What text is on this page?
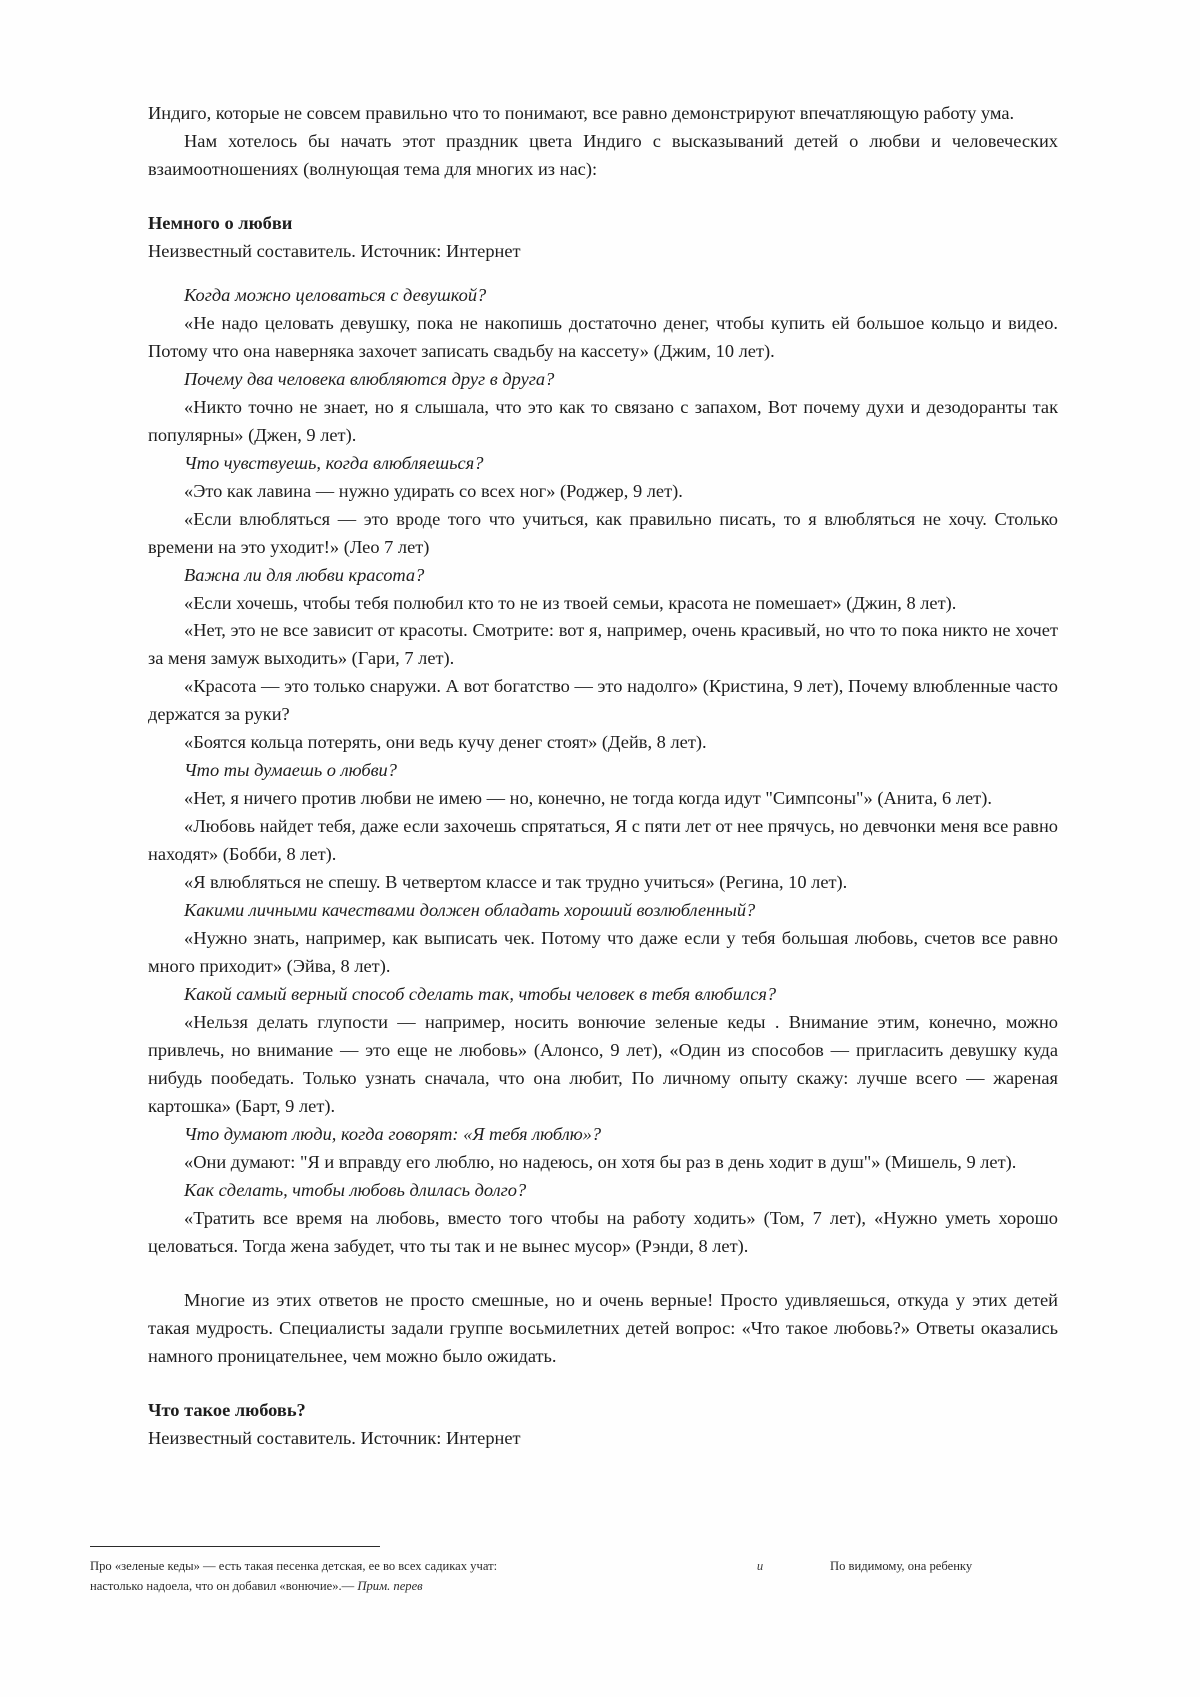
Индиго, которые не совсем правильно что то понимают, все равно демонстрируют впечатляющую работу ума.

Нам хотелось бы начать этот праздник цвета Индиго с высказываний детей о любви и человеческих взаимоотношениях (волнующая тема для многих из нас):

Немного о любви

Неизвестный составитель. Источник: Интернет

Когда можно целоваться с девушкой?

«Не надо целовать девушку, пока не накопишь достаточно денег, чтобы купить ей большое кольцо и видео. Потому что она наверняка захочет записать свадьбу на кассету» (Джим, 10 лет).

Почему два человека влюбляются друг в друга?

«Никто точно не знает, но я слышала, что это как то связано с запахом, Вот почему духи и дезодоранты так популярны» (Джен, 9 лет).

Что чувствуешь, когда влюбляешься?

«Это как лавина — нужно удирать со всех ног» (Роджер, 9 лет).

«Если влюбляться — это вроде того что учиться, как правильно писать, то я влюбляться не хочу. Столько времени на это уходит!» (Лео 7 лет)

Важна ли для любви красота?

«Если хочешь, чтобы тебя полюбил кто то не из твоей семьи, красота не помешает» (Джин, 8 лет).

«Нет, это не все зависит от красоты. Смотрите: вот я, например, очень красивый, но что то пока никто не хочет за меня замуж выходить» (Гари, 7 лет).

«Красота — это только снаружи. А вот богатство — это надолго» (Кристина, 9 лет), Почему влюбленные часто держатся за руки?

«Боятся кольца потерять, они ведь кучу денег стоят» (Дейв, 8 лет).

Что ты думаешь о любви?

«Нет, я ничего против любви не имею — но, конечно, не тогда когда идут "Симпсоны"» (Анита, 6 лет).

«Любовь найдет тебя, даже если захочешь спрятаться, Я с пяти лет от нее прячусь, но девчонки меня все равно находят» (Бобби, 8 лет).

«Я влюбляться не спешу. В четвертом классе и так трудно учиться» (Регина, 10 лет).

Какими личными качествами должен обладать хороший возлюбленный?

«Нужно знать, например, как выписать чек. Потому что даже если у тебя большая любовь, счетов все равно много приходит» (Эйва, 8 лет).

Какой самый верный способ сделать так, чтобы человек в тебя влюбился?

«Нельзя делать глупости — например, носить вонючие зеленые кеды . Внимание этим, конечно, можно привлечь, но внимание — это еще не любовь» (Алонсо, 9 лет), «Один из способов — пригласить девушку куда нибудь пообедать. Только узнать сначала, что она любит, По личному опыту скажу: лучше всего — жареная картошка» (Барт, 9 лет).

Что думают люди, когда говорят: «Я тебя люблю»?

«Они думают: "Я и вправду его люблю, но надеюсь, он хотя бы раз в день ходит в душ"» (Мишель, 9 лет).

Как сделать, чтобы любовь длилась долго?

«Тратить все время на любовь, вместо того чтобы на работу ходить» (Том, 7 лет), «Нужно уметь хорошо целоваться. Тогда жена забудет, что ты так и не вынес мусор» (Рэнди, 8 лет).

Многие из этих ответов не просто смешные, но и очень верные! Просто удивляешься, откуда у этих детей такая мудрость. Специалисты задали группе восьмилетних детей вопрос: «Что такое любовь?» Ответы оказались намного проницательнее, чем можно было ожидать.

Что такое любовь?

Неизвестный составитель. Источник: Интернет

Про «зеленые кеды» — есть такая песенка детская, ее во всех садиках учат:	и	По видимому, она ребенку
настолько надоела, что он добавил «вонючие».— Прим. перев
